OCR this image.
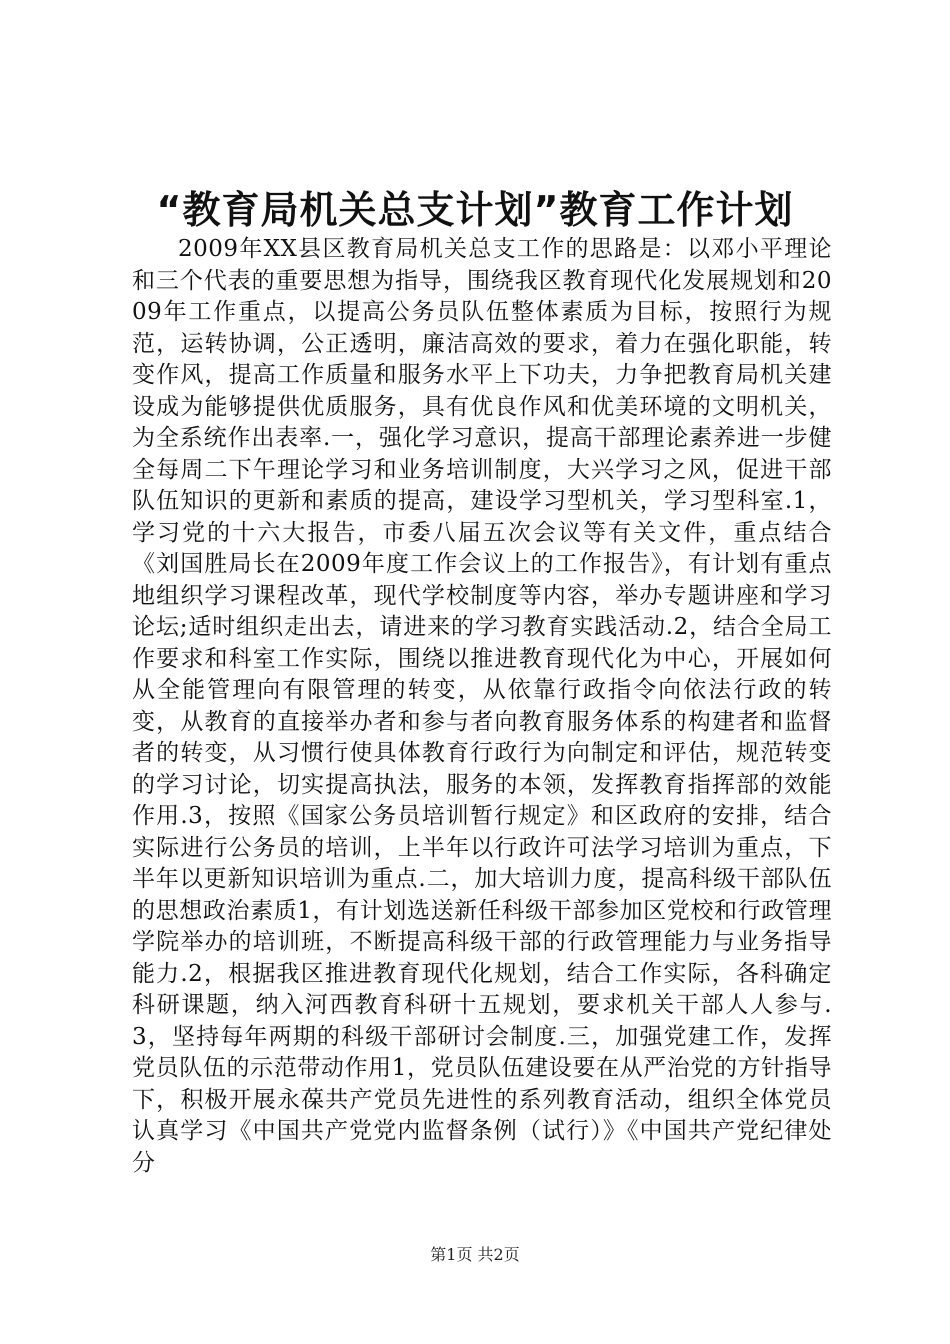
“教育局机关总支计划”教育工作计划

2009年XX县区教育局机关总支工作的思路是：以邓小平理论和三个代表的重要思想为指导，围绕我区教育现代化发展规划和2009年工作重点，以提高公务员队伍整体素质为目标，按照行为规范，运转协调，公正透明，廉洁高效的要求，着力在强化职能，转变作风，提高工作质量和服务水平上下功夫，力争把教育局机关建设成为能够提供优质服务，具有优良作风和优美环境的文明机关，为全系统作出表率.一，强化学习意识，提高干部理论素养进一步健全每周二下午理论学习和业务培训制度，大兴学习之风，促进干部队伍知识的更新和素质的提高，建设学习型机关，学习型科室.1，学习党的十六大报告，市委八届五次会议等有关文件，重点结合《刘国胜局长在2009年度工作会议上的工作报告》，有计划有重点地组织学习课程改革，现代学校制度等内容，举办专题讲座和学习论坛;适时组织走出去，请进来的学习教育实践活动.2，结合全局工作要求和科室工作实际，围绕以推进教育现代化为中心，开展如何从全能管理向有限管理的转变，从依靠行政指令向依法行政的转变，从教育的直接举办者和参与者向教育服务体系的构建者和监督者的转变，从习惯行使具体教育行政行为向制定和评估，规范转变的学习讨论，切实提高执法，服务的本领，发挥教育指挥部的效能作用.3，按照《国家公务员培训暂行规定》和区政府的安排，结合实际进行公务员的培训，上半年以行政许可法学习培训为重点，下半年以更新知识培训为重点.二，加大培训力度，提高科级干部队伍的思想政治素质1，有计划选送新任科级干部参加区党校和行政管理学院举办的培训班，不断提高科级干部的行政管理能力与业务指导能力.2，根据我区推进教育现代化规划，结合工作实际，各科确定科研课题，纳入河西教育科研十五规划，要求机关干部人人参与.3，坚持每年两期的科级干部研讨会制度.三，加强党建工作，发挥党员队伍的示范带动作用1，党员队伍建设要在从严治党的方针指导下，积极开展永葆共产党员先进性的系列教育活动，组织全体党员认真学习《中国共产党党内监督条例（试行）》《中国共产党纪律处分

第1页 共2页
